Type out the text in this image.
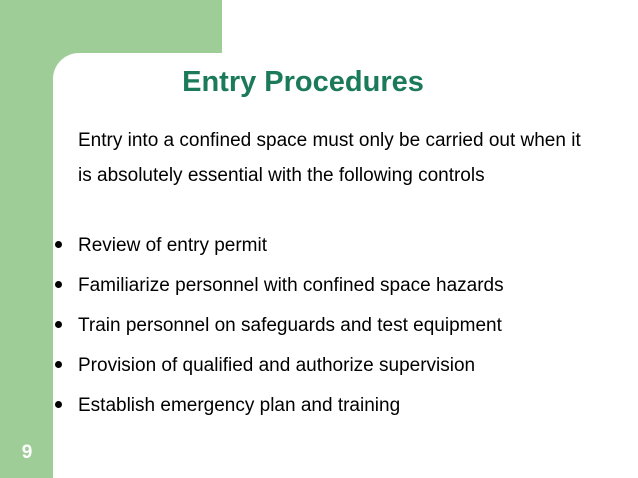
Entry Procedures

Entry into a confined space must only be carried out when it is absolutely essential with the following controls

Review of entry permit
Familiarize personnel with confined space hazards
Train personnel on safeguards and test equipment
Provision of qualified and authorize supervision
Establish emergency plan and training
9
